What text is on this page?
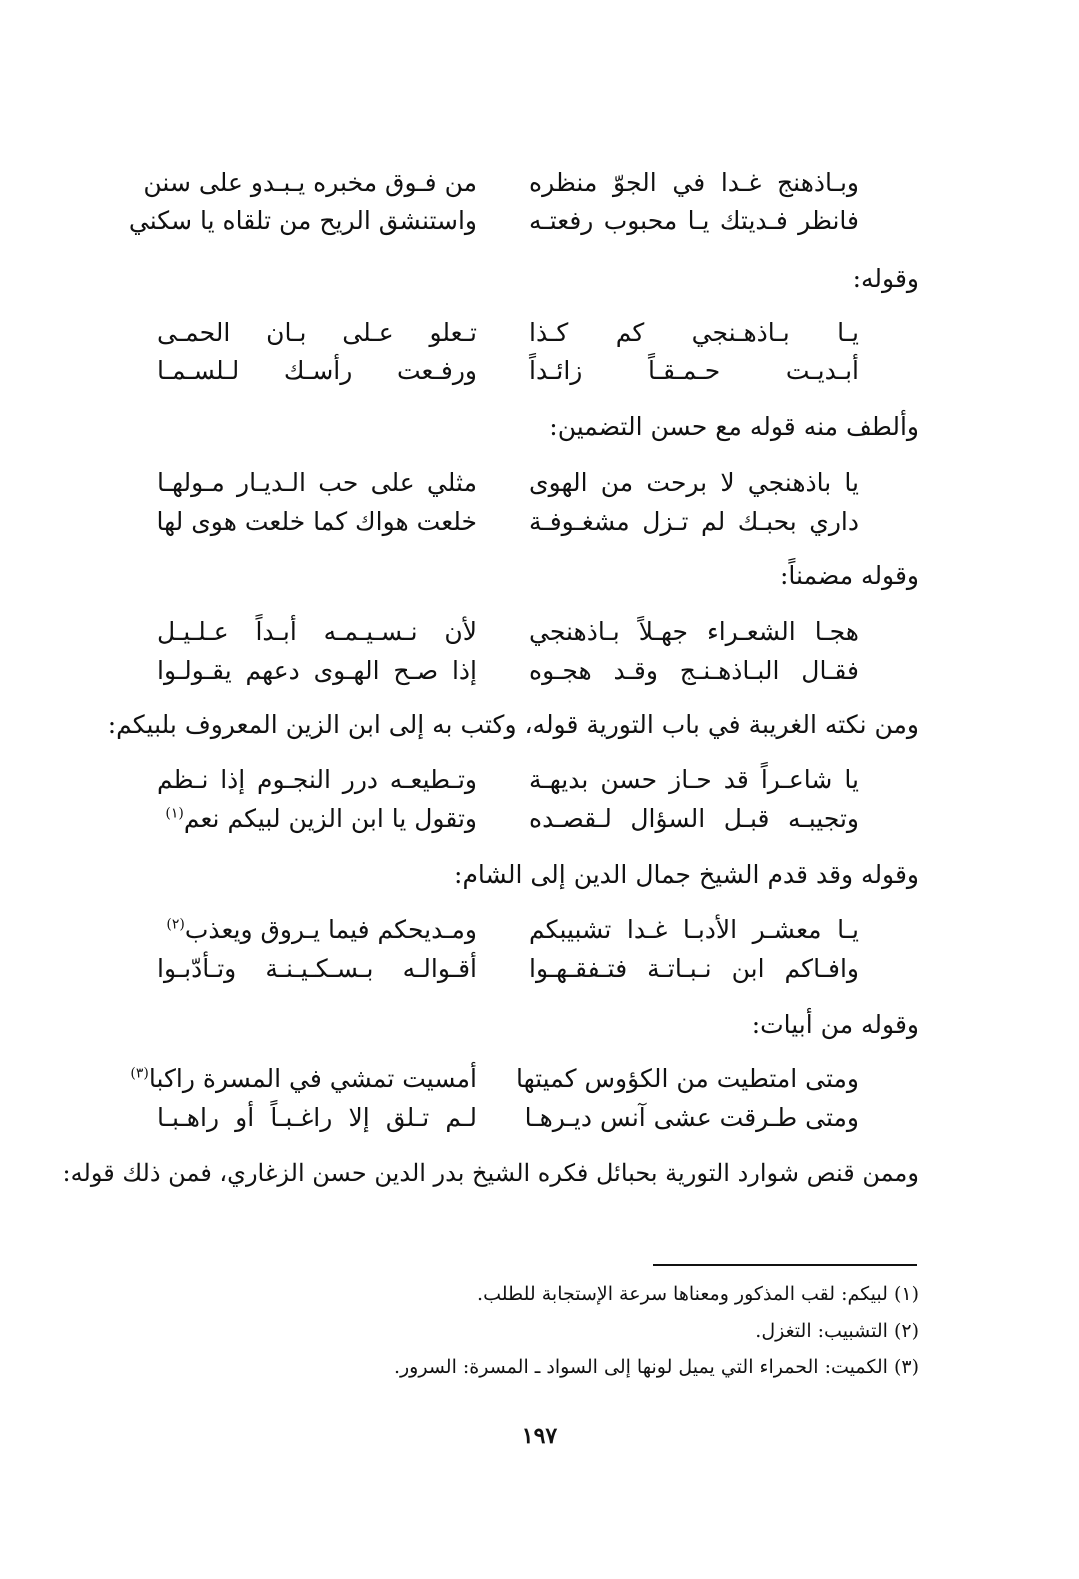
وبـاذهنج غـدا في الجوّ منظره
من فـوق مخبره يـبـدو على سنن
فانظر فـديتك يـا محبوب رفعتـه
واستنشق الريح من تلقاه يا سكني
وقوله:
يـا بـاذهـنجي كم كـذا
تـعلو عـلى بـان الحمـى
أبـديـت حـمـقـاً زائـداً
ورفـعت رأسـك لـلسـمـا
وألطف منه قوله مع حسن التضمين:
يا باذهنجي لا برحت من الهوى
مثلي على حب الـديـار مـولهـا
داري بحبـك لم تـزل مشغـوفـة
خلعت هواك كما خلعت هوى لها
وقوله مضمناً:
هجـا الشعـراء جهـلاً بـاذهنجي
لأن نـسـيـمـه أبـداً عـلـيـل
فقـال البـاذهـنـج وقـد هجـوه
إذا صـح الهـوى دعهم يقـولـوا
ومن نكته الغريبة في باب التورية قوله، وكتب به إلى ابن الزين المعروف بلبيكم:
يا شاعـراً قد حـاز حسن بديهـة
وتـطيعـه درر النجـوم إذا نـظم
وتجيبـه قبـل السؤال لـقصـده
وتقول يا ابن الزين لبيكم نعم$^{(١)}$
وقوله وقد قدم الشيخ جمال الدين إلى الشام:
يـا معشـر الأدبـا غـدا تشبيبكم
ومـديحكم فيما يـروق ويعذب$^{(٢)}$
وافـاكم ابن نـبـاتـة فتـفقـهـوا
أقـوالـه بـسـكـيـنـة وتـأدّبـوا
وقوله من أبيات:
ومتى امتطيت من الكؤوس كميتها
أمسيت تمشي في المسرة راكبا$^{(٣)}$
ومتى طـرقت عشى آنس ديـرهـا
لـم تـلق إلا راغـبـاً أو راهـبـا
وممن قنص شوارد التورية بحبائل فكره الشيخ بدر الدين حسن الزغاري، فمن ذلك قوله:
(١) لبيكم: لقب المذكور ومعناها سرعة الإستجابة للطلب.
(٢) التشبيب: التغزل.
(٣) الكميت: الحمراء التي يميل لونها إلى السواد ـ المسرة: السرور.
١٩٧
